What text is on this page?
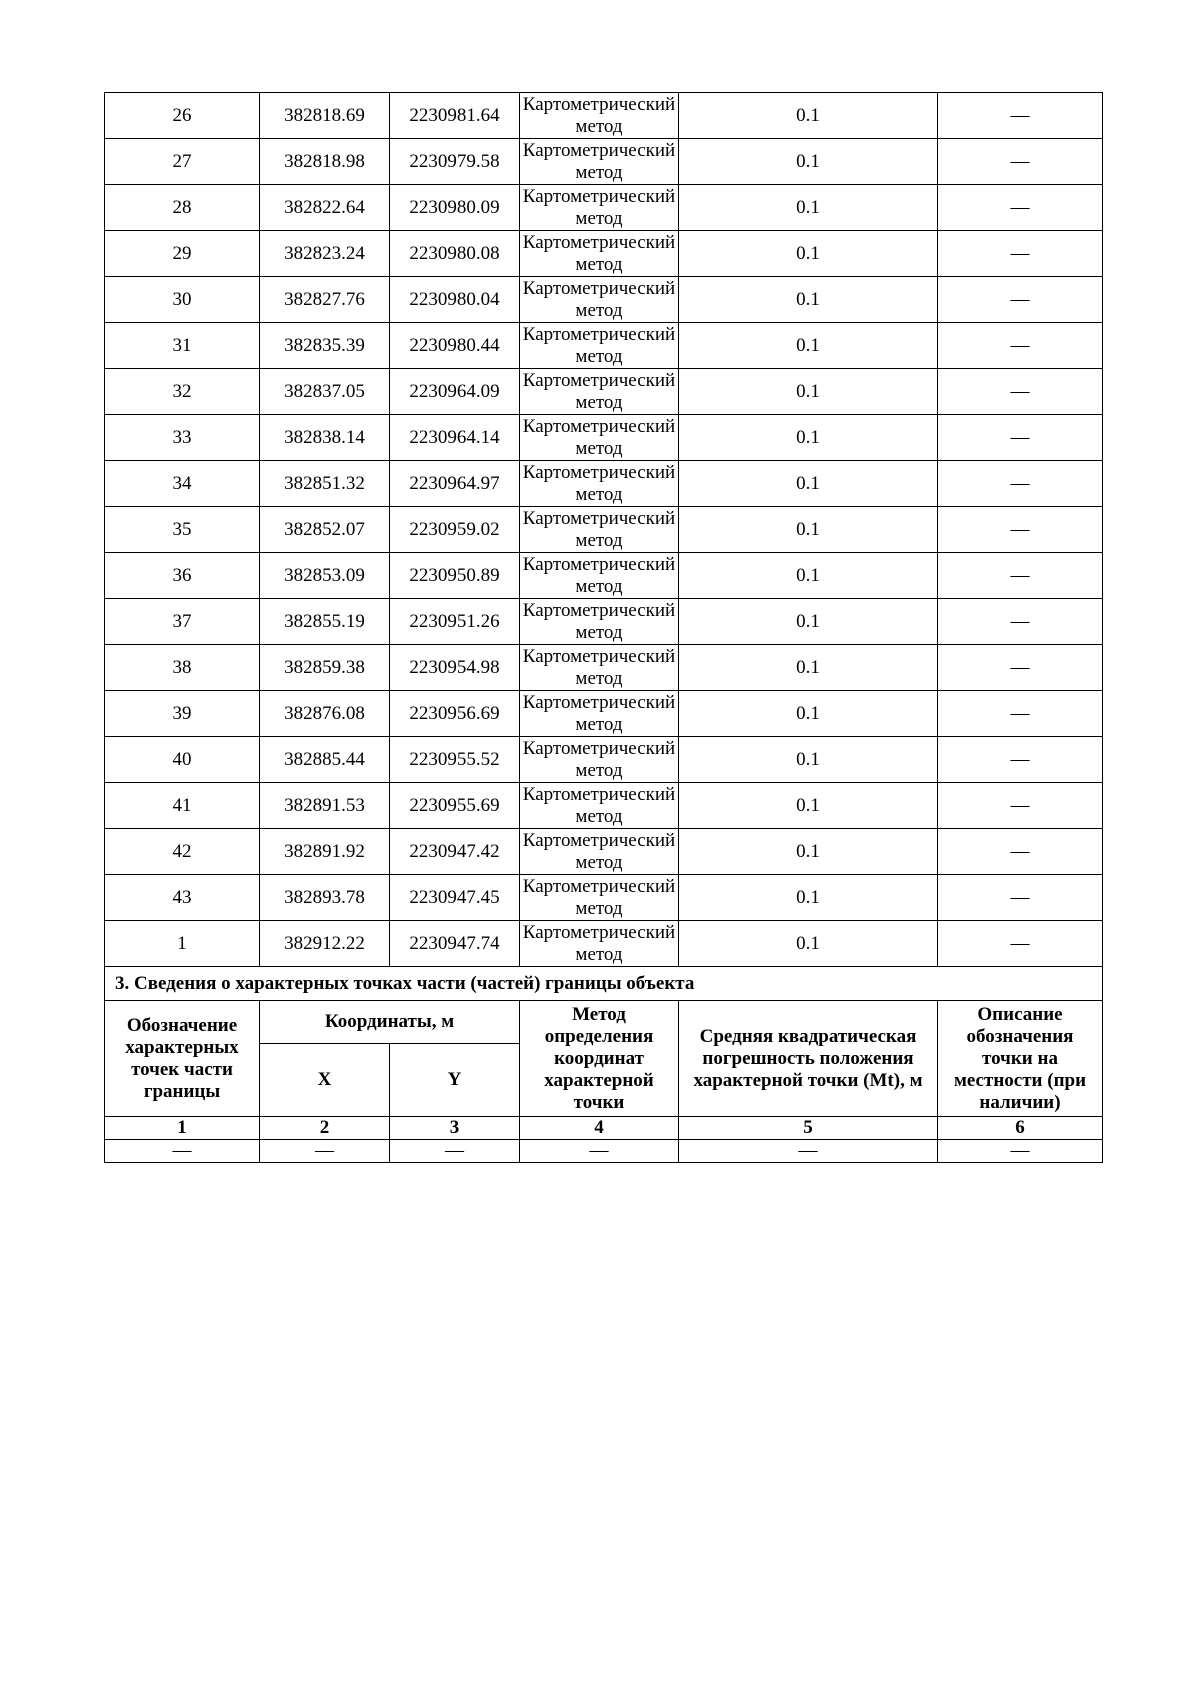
26	382818.69	2230981.64	Картометрический метод	0.1	—
27	382818.98	2230979.58	Картометрический метод	0.1	—
28	382822.64	2230980.09	Картометрический метод	0.1	—
29	382823.24	2230980.08	Картометрический метод	0.1	—
30	382827.76	2230980.04	Картометрический метод	0.1	—
31	382835.39	2230980.44	Картометрический метод	0.1	—
32	382837.05	2230964.09	Картометрический метод	0.1	—
33	382838.14	2230964.14	Картометрический метод	0.1	—
34	382851.32	2230964.97	Картометрический метод	0.1	—
35	382852.07	2230959.02	Картометрический метод	0.1	—
36	382853.09	2230950.89	Картометрический метод	0.1	—
37	382855.19	2230951.26	Картометрический метод	0.1	—
38	382859.38	2230954.98	Картометрический метод	0.1	—
39	382876.08	2230956.69	Картометрический метод	0.1	—
40	382885.44	2230955.52	Картометрический метод	0.1	—
41	382891.53	2230955.69	Картометрический метод	0.1	—
42	382891.92	2230947.42	Картометрический метод	0.1	—
43	382893.78	2230947.45	Картометрический метод	0.1	—
1	382912.22	2230947.74	Картометрический метод	0.1	—
3. Сведения о характерных точках части (частей) границы объекта					
Обозначение характерных точек части границы	Координаты, м		Метод определения координат характерной точки	Средняя квадратическая погрешность положения характерной точки (Mt), м	Описание обозначения точки на местности (при наличии)
	X	Y			
1	2	3	4	5	6
—	—	—	—	—	—
